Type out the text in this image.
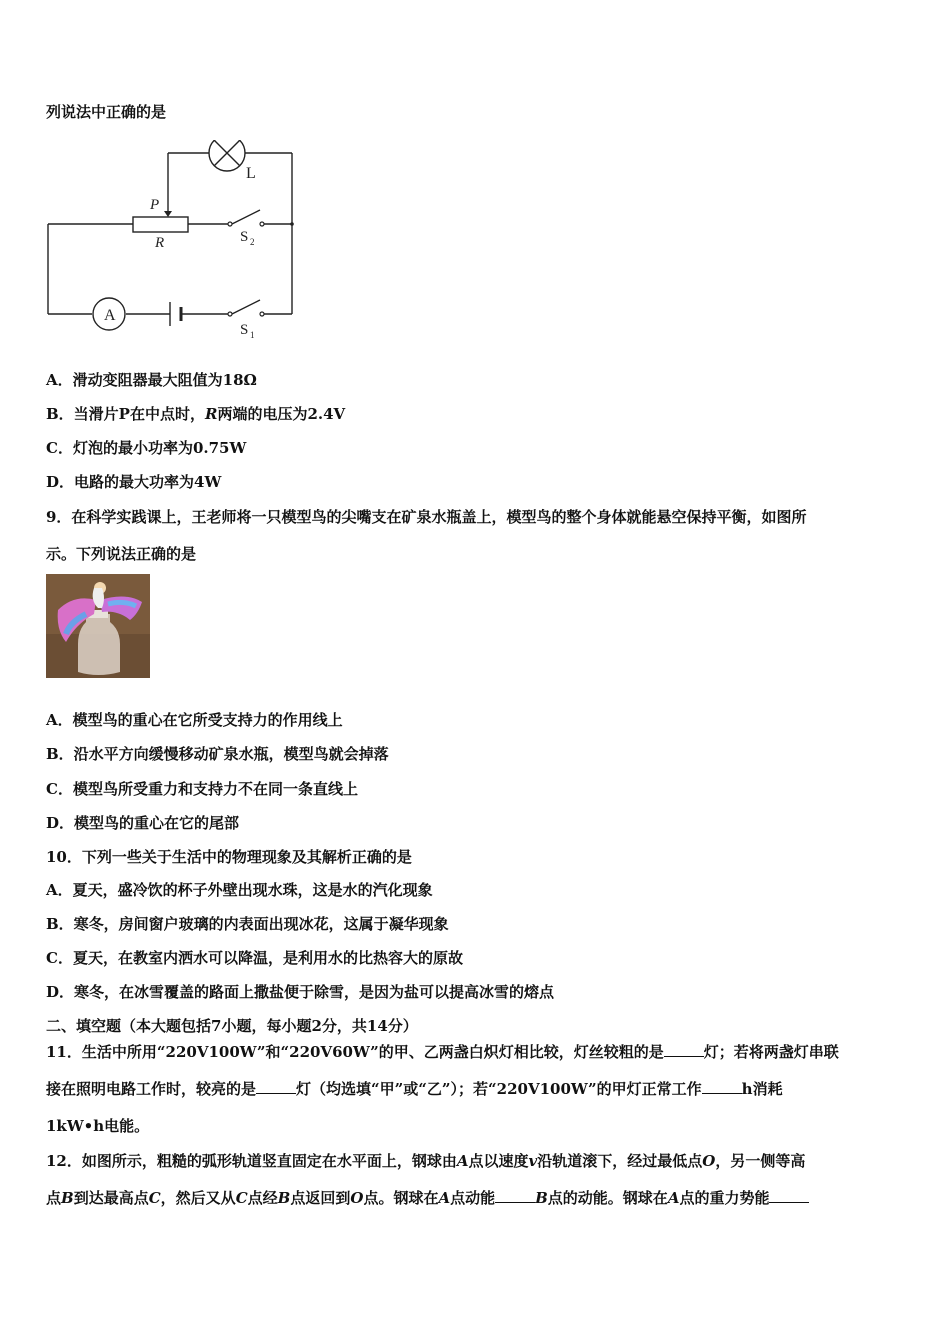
列说法中正确的是
L
P
R	S 2
S 1
A
A．滑动变阻器最大阻值为18Ω
B．当滑片P在中点时，R两端的电压为2.4V
C．灯泡的最小功率为0.75W
D．电路的最大功率为4W
9．在科学实践课上，王老师将一只模型鸟的尖嘴支在矿泉水瓶盖上，模型鸟的整个身体就能悬空保持平衡，如图所
示。下列说法正确的是
A．模型鸟的重心在它所受支持力的作用线上
B．沿水平方向缓慢移动矿泉水瓶，模型鸟就会掉落
C．模型鸟所受重力和支持力不在同一条直线上
D．模型鸟的重心在它的尾部
10．下列一些关于生活中的物理现象及其解析正确的是
A．夏天，盛冷饮的杯子外壁出现水珠，这是水的汽化现象
B．寒冬，房间窗户玻璃的内表面出现冰花，这属于凝华现象
C．夏天，在教室内洒水可以降温，是利用水的比热容大的原故
D．寒冬，在冰雪覆盖的路面上撒盐便于除雪，是因为盐可以提高冰雪的熔点
二、填空题（本大题包括7小题，每小题2分，共14分）
11．生活中所用“220V100W”和“220V60W”的甲、乙两盏白炽灯相比较，灯丝较粗的是	灯；若将两盏灯串联
接在照明电路工作时，较亮的是	灯（均选填“甲”或“乙”）；若“220V100W”的甲灯正常工作	h消耗
1kW•h电能。
12．如图所示，粗糙的弧形轨道竖直固定在水平面上，钢球由A点以速度v沿轨道滚下，经过最低点O，另一侧等高
点B到达最高点C，然后又从C点经B点返回到O点。钢球在A点动能	B点的动能。钢球在A点的重力势能
